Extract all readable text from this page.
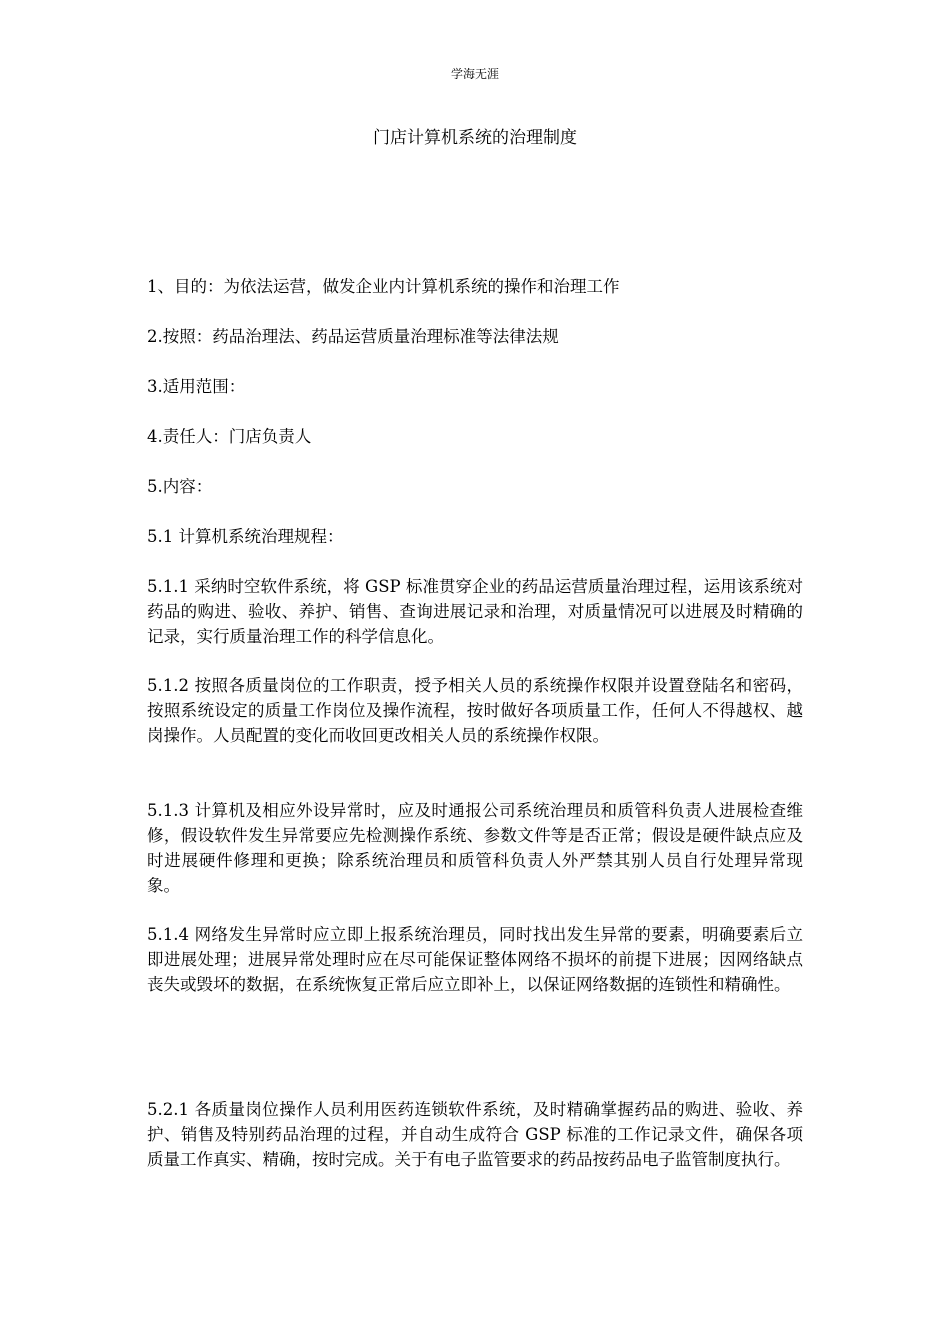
学海无涯
门店计算机系统的治理制度

1、目的：为依法运营，做发企业内计算机系统的操作和治理工作

2.按照：药品治理法、药品运营质量治理标准等法律法规

3.适用范围：

4.责任人：门店负责人

5.内容：

5.1 计算机系统治理规程：

5.1.1 采纳时空软件系统，将 GSP 标准贯穿企业的药品运营质量治理过程，运用该系统对药品的购进、验收、养护、销售、查询进展记录和治理，对质量情况可以进展及时精确的记录，实行质量治理工作的科学信息化。

5.1.2 按照各质量岗位的工作职责，授予相关人员的系统操作权限并设置登陆名和密码，按照系统设定的质量工作岗位及操作流程，按时做好各项质量工作，任何人不得越权、越岗操作。人员配置的变化而收回更改相关人员的系统操作权限。

5.1.3 计算机及相应外设异常时，应及时通报公司系统治理员和质管科负责人进展检查维修，假设软件发生异常要应先检测操作系统、参数文件等是否正常；假设是硬件缺点应及时进展硬件修理和更换；除系统治理员和质管科负责人外严禁其别人员自行处理异常现象。

5.1.4 网络发生异常时应立即上报系统治理员，同时找出发生异常的要素，明确要素后立即进展处理；进展异常处理时应在尽可能保证整体网络不损坏的前提下进展；因网络缺点丧失或毁坏的数据，在系统恢复正常后应立即补上，以保证网络数据的连锁性和精确性。

5.2.1 各质量岗位操作人员利用医药连锁软件系统，及时精确掌握药品的购进、验收、养护、销售及特别药品治理的过程，并自动生成符合 GSP 标准的工作记录文件，确保各项质量工作真实、精确，按时完成。关于有电子监管要求的药品按药品电子监管制度执行。
